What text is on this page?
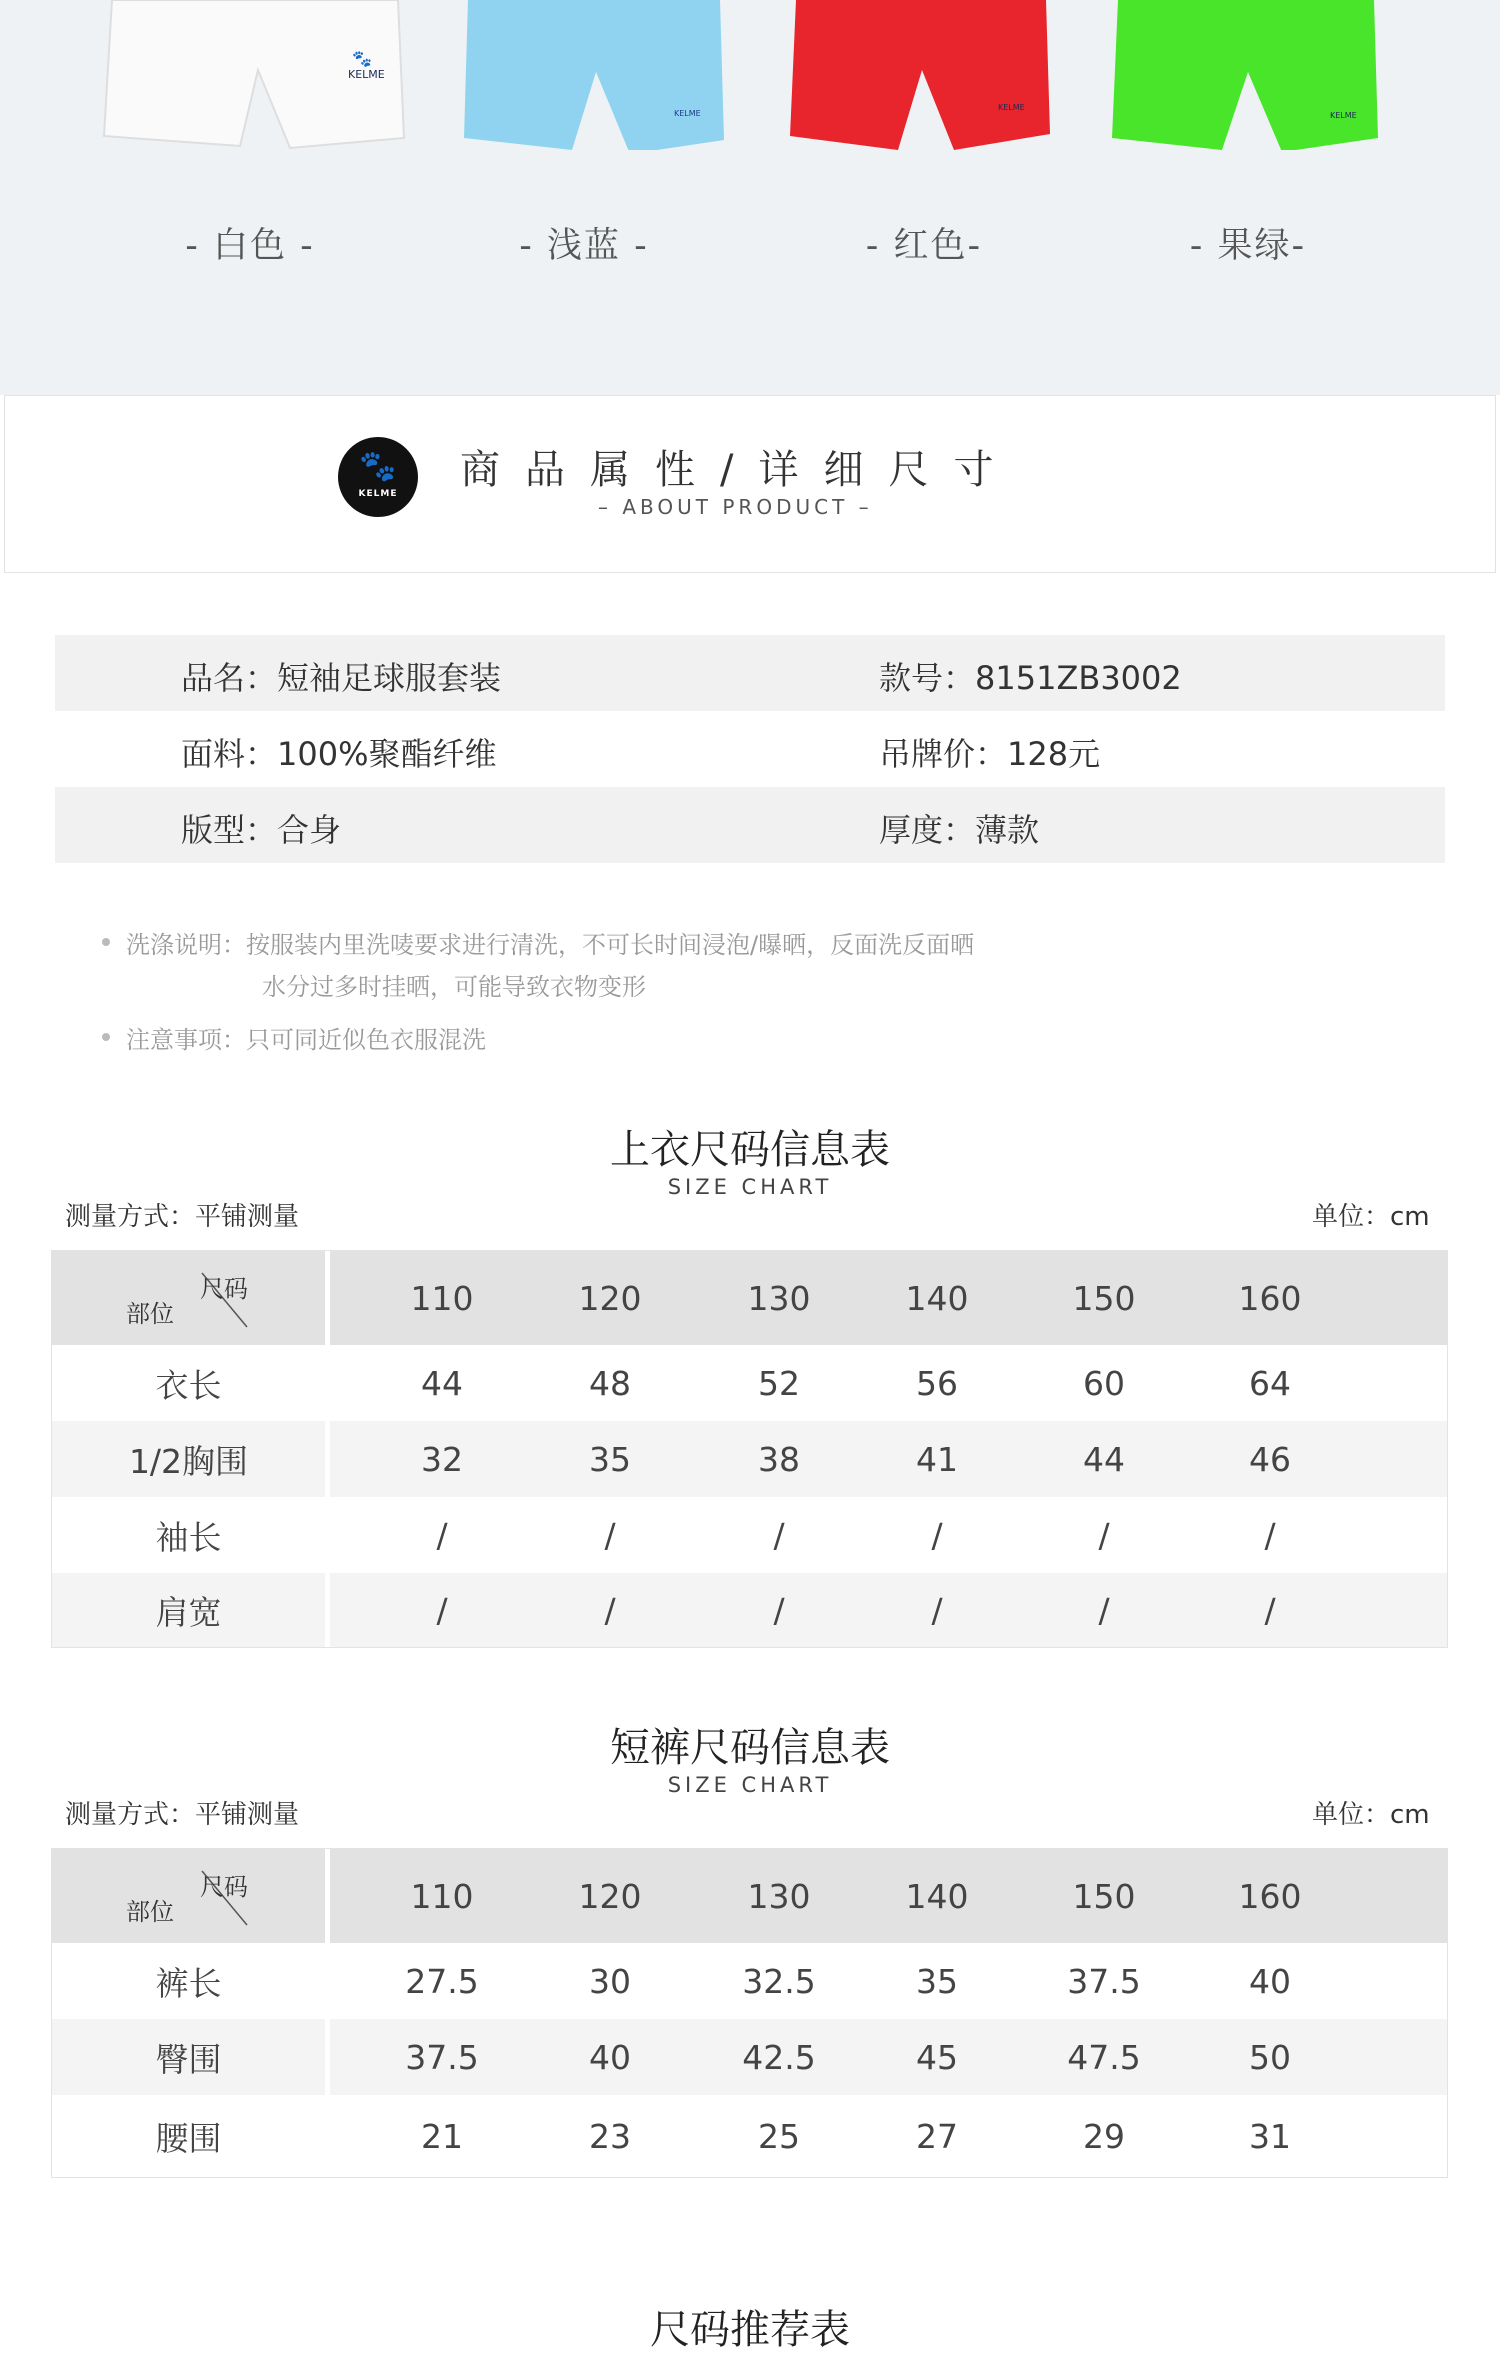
KELME
🐾
KELME
KELME
KELME
- 白色 -	- 浅蓝 -	- 红色-	- 果绿-
🐾
KELME
商品属性/详细尺寸
– ABOUT PRODUCT –
品名：短袖足球服套装	款号：8151ZB3002
面料：100%聚酯纤维	吊牌价：128元
版型：合身	厚度：薄款
洗涤说明：按服装内里洗唛要求进行清洗，不可长时间浸泡/曝晒，反面洗反面晒
水分过多时挂晒，可能导致衣物变形
注意事项：只可同近似色衣服混洗
上衣尺码信息表
SIZE CHART
测量方式：平铺测量	单位：cm
部位
尺码	110	120	130	140	150	160
衣长	44	48	52	56	60	64
1/2胸围	32	35	38	41	44	46
袖长	/	/	/	/	/	/
肩宽	/	/	/	/	/	/
短裤尺码信息表
SIZE CHART
测量方式：平铺测量	单位：cm
部位
尺码	110	120	130	140	150	160
裤长	27.5	30	32.5	35	37.5	40
臀围	37.5	40	42.5	45	47.5	50
腰围	21	23	25	27	29	31
尺码推荐表
